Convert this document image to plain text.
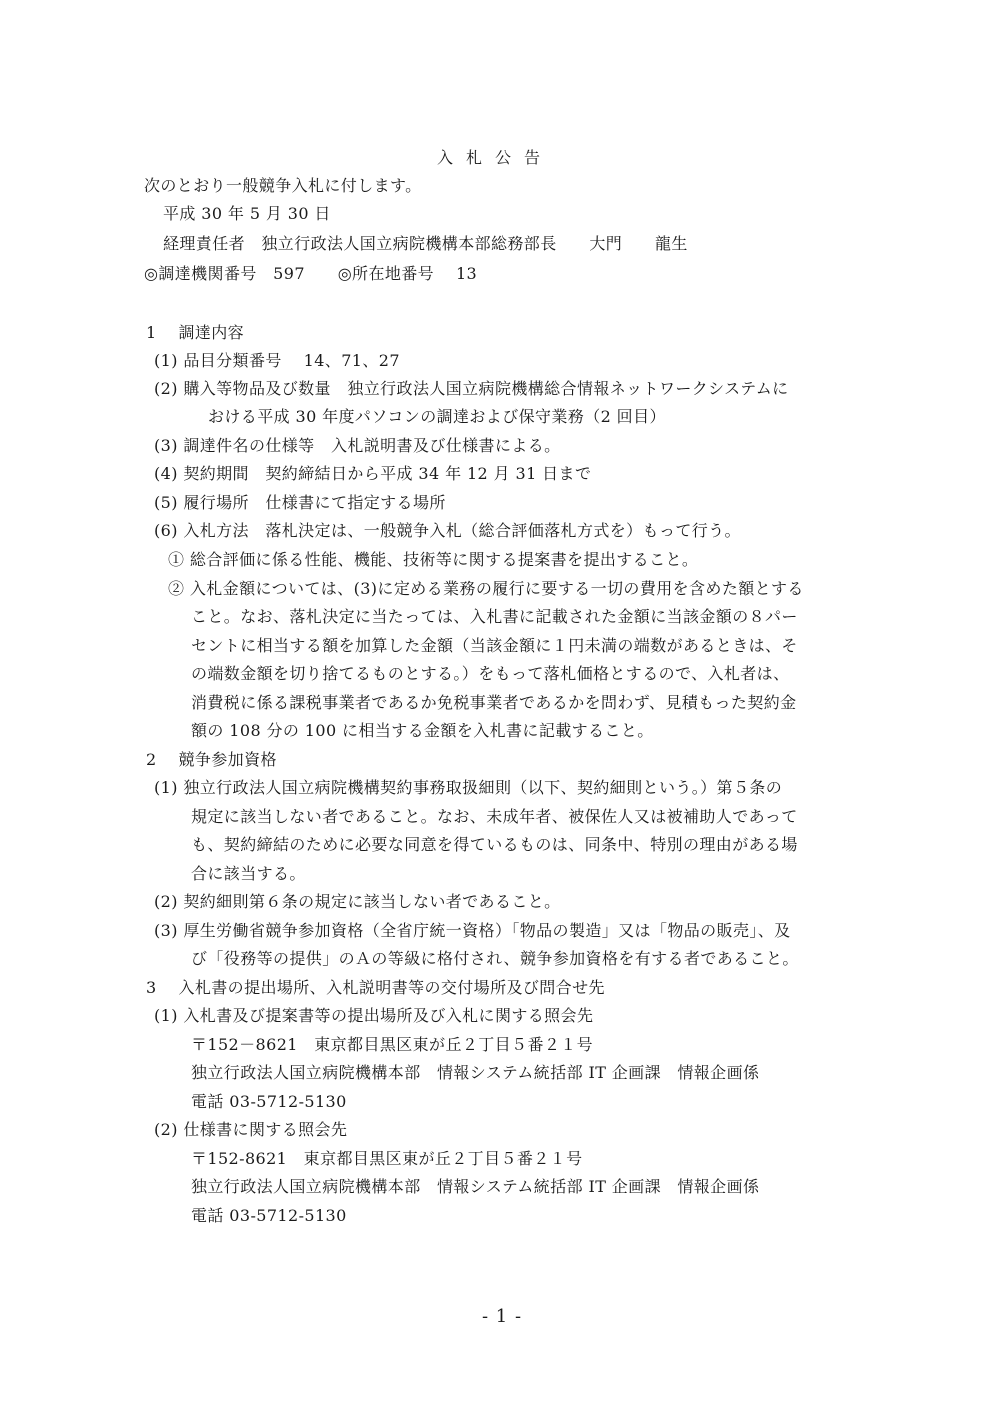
入札公告

次のとおり一般競争入札に付します。

平成 30 年 5 月 30 日

経理責任者　独立行政法人国立病院機構本部総務部長　　大門　　龍生

◎調達機関番号　597　　◎所在地番号　 13

1　 調達内容

(1) 品目分類番号　 14、71、27

(2) 購入等物品及び数量　独立行政法人国立病院機構総合情報ネットワークシステムに

おける平成 30 年度パソコンの調達および保守業務（2 回目）

(3) 調達件名の仕様等　入札説明書及び仕様書による。

(4) 契約期間　契約締結日から平成 34 年 12 月 31 日まで

(5) 履行場所　仕様書にて指定する場所

(6) 入札方法　落札決定は、一般競争入札（総合評価落札方式を）もって行う。

① 総合評価に係る性能、機能、技術等に関する提案書を提出すること。

② 入札金額については、(3)に定める業務の履行に要する一切の費用を含めた額とする

こと。なお、落札決定に当たっては、入札書に記載された金額に当該金額の８パー

セントに相当する額を加算した金額（当該金額に１円未満の端数があるときは、そ

の端数金額を切り捨てるものとする。）をもって落札価格とするので、入札者は、

消費税に係る課税事業者であるか免税事業者であるかを問わず、見積もった契約金

額の 108 分の 100 に相当する金額を入札書に記載すること。

2　 競争参加資格

(1) 独立行政法人国立病院機構契約事務取扱細則（以下、契約細則という。）第５条の

規定に該当しない者であること。なお、未成年者、被保佐人又は被補助人であって

も、契約締結のために必要な同意を得ているものは、同条中、特別の理由がある場

合に該当する。

(2) 契約細則第６条の規定に該当しない者であること。

(3) 厚生労働省競争参加資格（全省庁統一資格）「物品の製造」又は「物品の販売」、及

び「役務等の提供」のＡの等級に格付され、競争参加資格を有する者であること。

3　 入札書の提出場所、入札説明書等の交付場所及び問合せ先

(1) 入札書及び提案書等の提出場所及び入札に関する照会先

〒152－8621　東京都目黒区東が丘２丁目５番２１号

独立行政法人国立病院機構本部　情報システム統括部 IT 企画課　情報企画係

電話 03-5712-5130

(2) 仕様書に関する照会先

〒152-8621　東京都目黒区東が丘２丁目５番２１号

独立行政法人国立病院機構本部　情報システム統括部 IT 企画課　情報企画係

電話 03-5712-5130

- 1 -
